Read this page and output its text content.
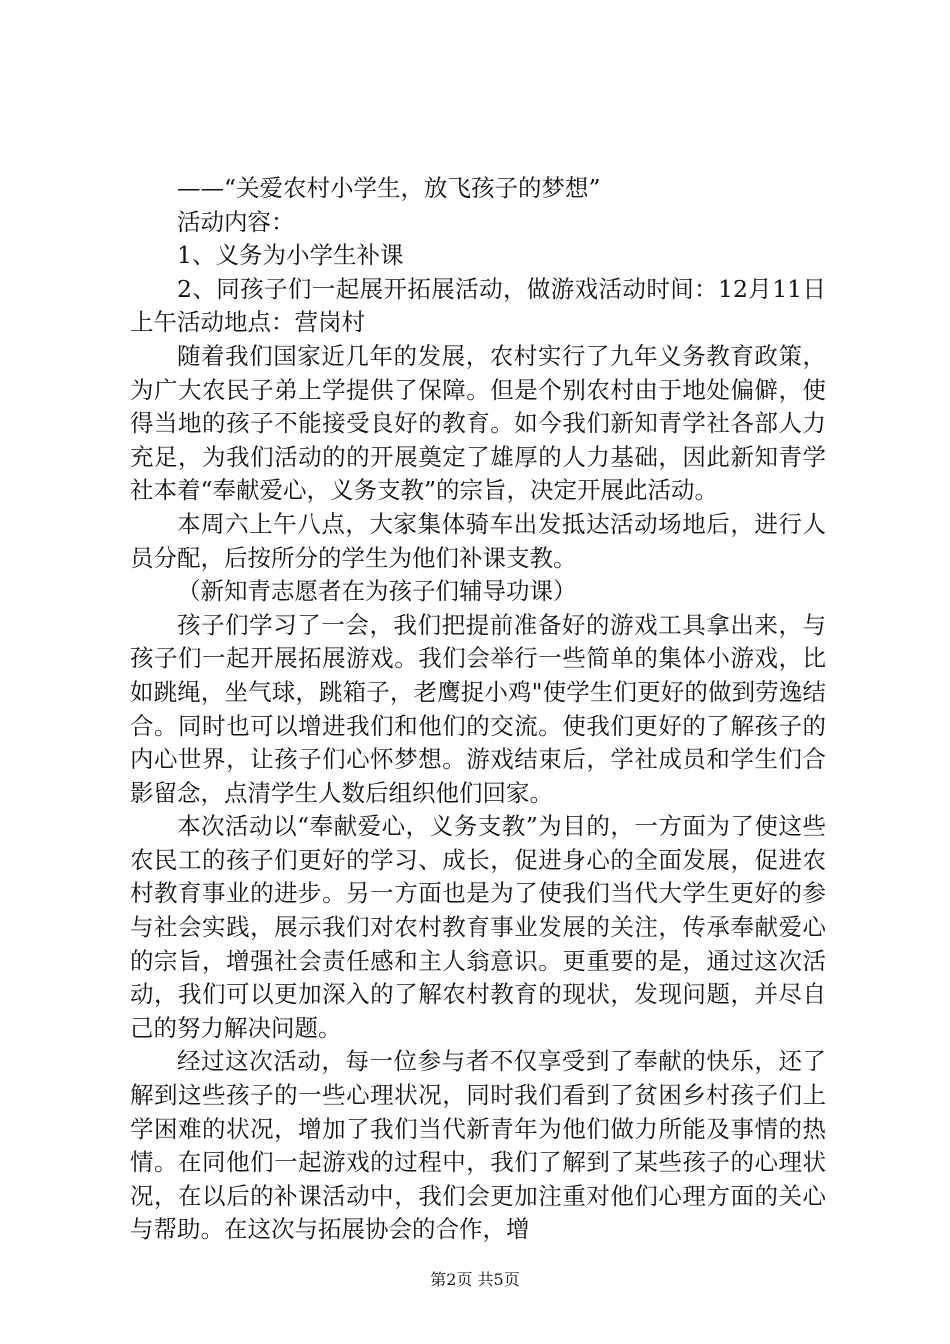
——“关爱农村小学生，放飞孩子的梦想”

活动内容：

1、义务为小学生补课

2、同孩子们一起展开拓展活动，做游戏活动时间：12月11日上午活动地点：营岗村

随着我们国家近几年的发展，农村实行了九年义务教育政策，为广大农民子弟上学提供了保障。但是个别农村由于地处偏僻，使得当地的孩子不能接受良好的教育。如今我们新知青学社各部人力充足，为我们活动的的开展奠定了雄厚的人力基础，因此新知青学社本着“奉献爱心，义务支教”的宗旨，决定开展此活动。

本周六上午八点，大家集体骑车出发抵达活动场地后，进行人员分配，后按所分的学生为他们补课支教。

（新知青志愿者在为孩子们辅导功课）

孩子们学习了一会，我们把提前准备好的游戏工具拿出来，与孩子们一起开展拓展游戏。我们会举行一些简单的集体小游戏，比如跳绳，坐气球，跳箱子，老鹰捉小鸡"使学生们更好的做到劳逸结合。同时也可以增进我们和他们的交流。使我们更好的了解孩子的内心世界，让孩子们心怀梦想。游戏结束后，学社成员和学生们合影留念，点清学生人数后组织他们回家。

本次活动以“奉献爱心，义务支教”为目的，一方面为了使这些农民工的孩子们更好的学习、成长，促进身心的全面发展，促进农村教育事业的进步。另一方面也是为了使我们当代大学生更好的参与社会实践，展示我们对农村教育事业发展的关注，传承奉献爱心的宗旨，增强社会责任感和主人翁意识。更重要的是，通过这次活动，我们可以更加深入的了解农村教育的现状，发现问题，并尽自己的努力解决问题。

经过这次活动，每一位参与者不仅享受到了奉献的快乐，还了解到这些孩子的一些心理状况，同时我们看到了贫困乡村孩子们上学困难的状况，增加了我们当代新青年为他们做力所能及事情的热情。在同他们一起游戏的过程中，我们了解到了某些孩子的心理状况，在以后的补课活动中，我们会更加注重对他们心理方面的关心与帮助。在这次与拓展协会的合作，增

第2页 共5页
